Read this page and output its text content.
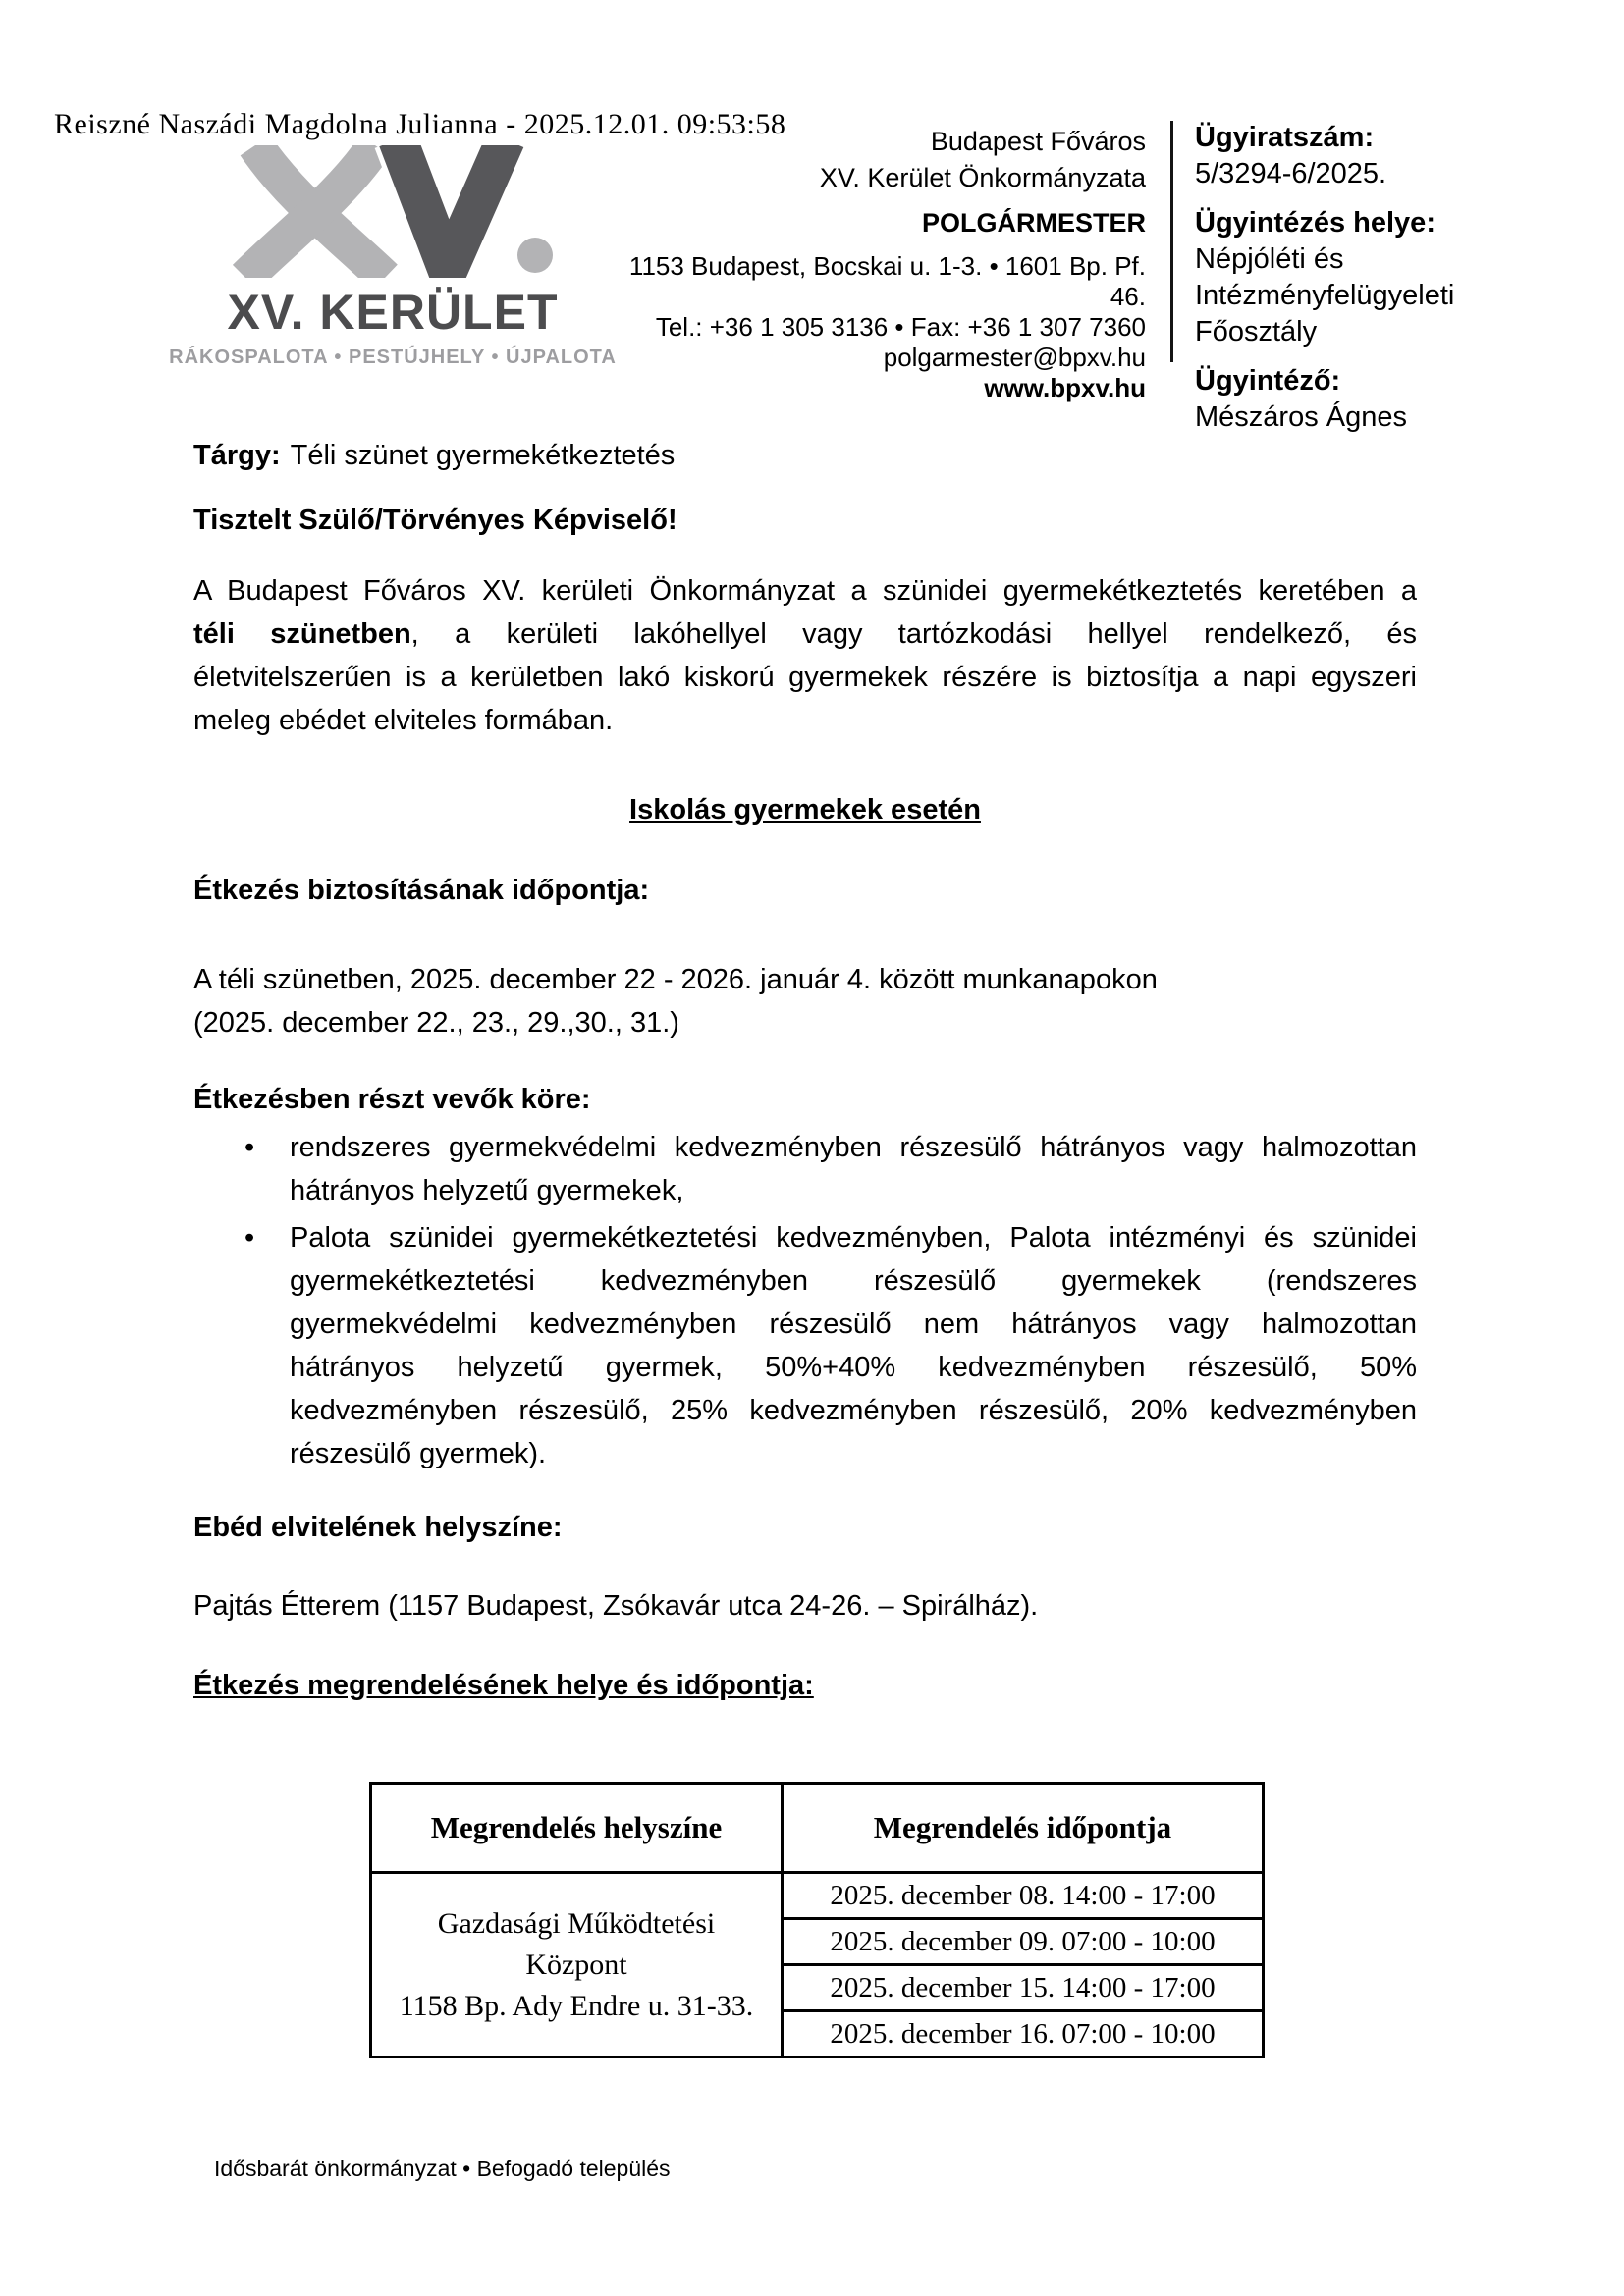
Reiszné Naszádi Magdolna Julianna - 2025.12.01. 09:53:58
XV. KERÜLET
RÁKOSPALOTA • PESTÚJHELY • ÚJPALOTA
Budapest Főváros
XV. Kerület Önkormányzata
POLGÁRMESTER
1153 Budapest, Bocskai u. 1-3. • 1601 Bp. Pf. 46.
Tel.: +36 1 305 3136 • Fax: +36 1 307 7360
polgarmester@bpxv.hu
www.bpxv.hu
Ügyiratszám:
5/3294-6/2025.
Ügyintézés helye:
Népjóléti és
Intézményfelügyeleti
Főosztály
Ügyintéző:
Mészáros Ágnes
Tárgy: Téli szünet gyermekétkeztetés
Tisztelt Szülő/Törvényes Képviselő!
A Budapest Főváros XV. kerületi Önkormányzat a szünidei gyermekétkeztetés keretében a
téli szünetben, a kerületi lakóhellyel vagy tartózkodási hellyel rendelkező, és
életvitelszerűen is a kerületben lakó kiskorú gyermekek részére is biztosítja a napi egyszeri
meleg ebédet elviteles formában.
Iskolás gyermekek esetén
Étkezés biztosításának időpontja:
A téli szünetben, 2025. december 22 - 2026. január 4. között munkanapokon
(2025. december 22., 23., 29.,30., 31.)
Étkezésben részt vevők köre:
• rendszeres gyermekvédelmi kedvezményben részesülő hátrányos vagy halmozottan
hátrányos helyzetű gyermekek,
• Palota szünidei gyermekétkeztetési kedvezményben, Palota intézményi és szünidei
gyermekétkeztetési kedvezményben részesülő gyermekek (rendszeres
gyermekvédelmi kedvezményben részesülő nem hátrányos vagy halmozottan
hátrányos helyzetű gyermek, 50%+40% kedvezményben részesülő, 50%
kedvezményben részesülő, 25% kedvezményben részesülő, 20% kedvezményben
részesülő gyermek).
Ebéd elvitelének helyszíne:
Pajtás Étterem (1157 Budapest, Zsókavár utca 24-26. – Spirálház).
Étkezés megrendelésének helye és időpontja:
Megrendelés helyszíne	Megrendelés időpontja

Gazdasági Működtetési
Központ
1158 Bp. Ady Endre u. 31-33.	2025. december 08. 14:00 - 17:00
	2025. december 09. 07:00 - 10:00
	2025. december 15. 14:00 - 17:00
	2025. december 16. 07:00 - 10:00
Idősbarát önkormányzat • Befogadó település
